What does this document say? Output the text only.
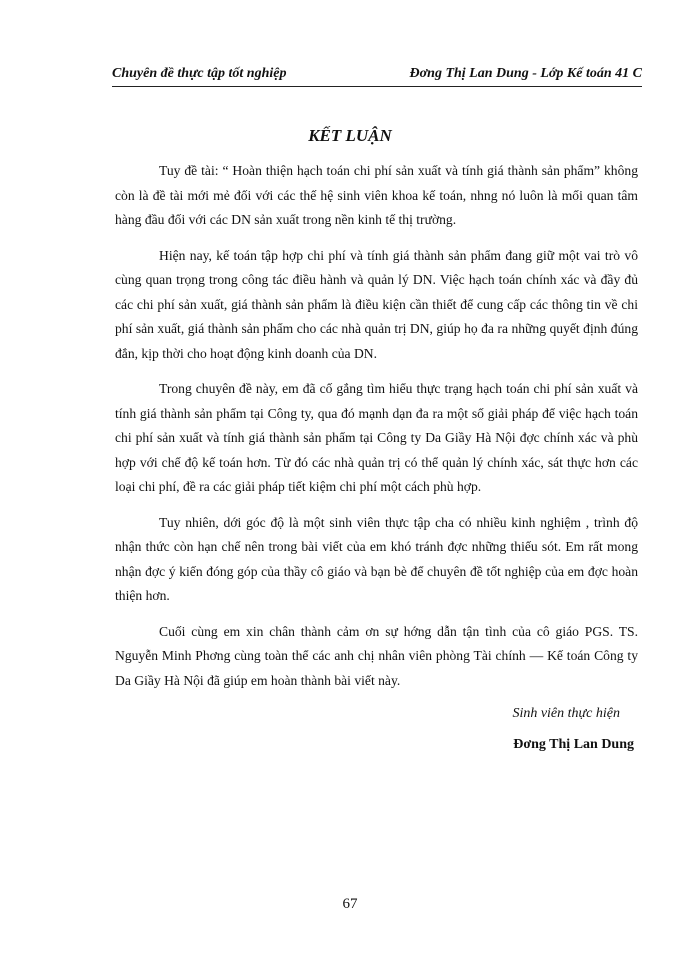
Chuyên đề thực tập tốt nghiệp	Đơng Thị Lan Dung - Lớp Kế toán 41 C
KẾT LUẬN

Tuy đề tài: “ Hoàn thiện hạch toán chi phí sản xuất và tính giá thành sản phẩm” không còn là đề tài mới mẻ đối với các thế hệ sinh viên khoa kế toán, nhng nó luôn là mối quan tâm hàng đầu đối với các DN sản xuất trong nền kinh tế thị trường.

Hiện nay, kế toán tập hợp chi phí và tính giá thành sản phẩm đang giữ một vai trò vô cùng quan trọng trong công tác điều hành và quản lý DN. Việc hạch toán chính xác và đầy đủ các chi phí sản xuất, giá thành sản phẩm là điều kiện cần thiết để cung cấp các thông tin về chi phí sản xuất, giá thành sản phẩm cho các nhà quản trị DN, giúp họ đa ra những quyết định đúng đắn, kịp thời cho hoạt động kinh doanh của DN.

Trong chuyên đề này, em đã cố gắng tìm hiểu thực trạng hạch toán chi phí sản xuất và tính giá thành sản phẩm tại Công ty, qua đó mạnh dạn đa ra một số giải pháp để việc hạch toán chi phí sản xuất và tính giá thành sản phẩm tại Công ty Da Giầy Hà Nội đợc chính xác và phù hợp với chế độ kế toán hơn. Từ đó các nhà quản trị có thể quản lý chính xác, sát thực hơn các loại chi phí, đề ra các giải pháp tiết kiệm chi phí một cách phù hợp.

Tuy nhiên, dới góc độ là một sinh viên thực tập cha có nhiều kinh nghiệm , trình độ nhận thức còn hạn chế nên trong bài viết của em khó tránh đợc những thiếu sót. Em rất mong nhận đợc ý kiến đóng góp của thầy cô giáo và bạn bè để chuyên đề tốt nghiệp của em đợc hoàn thiện hơn.

Cuối cùng em xin chân thành cảm ơn sự hớng dẫn tận tình của cô giáo PGS. TS. Nguyễn Minh Phơng cùng toàn thể các anh chị nhân viên phòng Tài chính — Kế toán Công ty Da Giầy Hà Nội đã giúp em hoàn thành bài viết này.

Sinh viên thực hiện
Đơng Thị Lan Dung
67
